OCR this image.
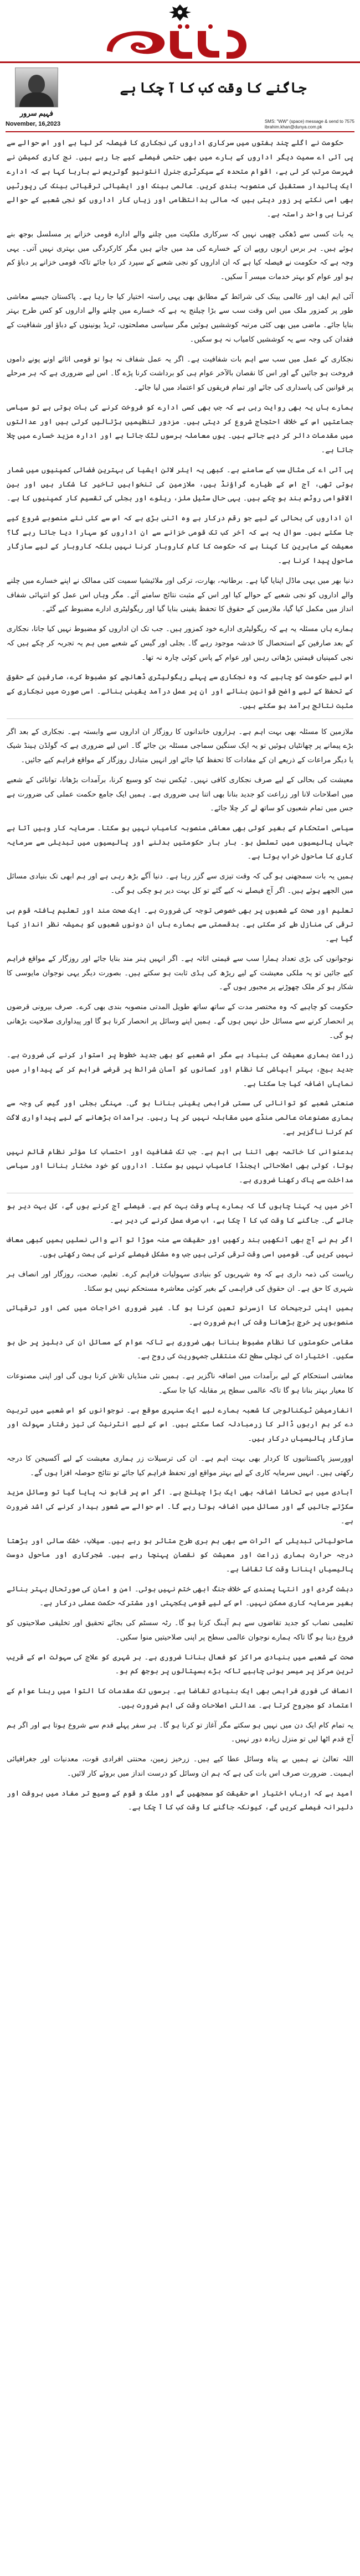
فہیم سرور
جاگنے کا وقت کب کا آ چکا ہے
November, 16,2023	SMS: "WW" (space) message & send to 7575
ibrahim.khan@dunya.com.pk

حکومت نے اگلے چند ہفتوں میں سرکاری اداروں کی نجکاری کا فیصلہ کر لیا ہے اور اس حوالے سے پی آئی اے سمیت دیگر اداروں کے بارے میں بھی حتمی فیصلے کیے جا رہے ہیں۔ نج کاری کمیشن نے فہرست مرتب کر لی ہے، اقوام متحدہ کے سیکرٹری جنرل انتونیو گوتریس نے بارہا کہا ہے کہ ادارے ایک پائیدار مستقبل کی منصوبہ بندی کریں۔ عالمی بینک اور ایشیائی ترقیاتی بینک کی رپورٹیں بھی اسی نکتے پر زور دیتی ہیں کہ مالی بدانتظامی اور زیاں کار اداروں کو نجی شعبے کے حوالے کرنا ہی واحد راستہ ہے۔

یہ بات کسی سے ڈھکی چھپی نہیں کہ سرکاری ملکیت میں چلنے والے ادارے قومی خزانے پر مسلسل بوجھ بنے ہوئے ہیں۔ ہر برس اربوں روپے ان کے خسارے کی مد میں جاتے ہیں مگر کارکردگی میں بہتری نہیں آتی۔ یہی وجہ ہے کہ حکومت نے فیصلہ کیا ہے کہ ان اداروں کو نجی شعبے کے سپرد کر دیا جائے تاکہ قومی خزانے پر دباؤ کم ہو اور عوام کو بہتر خدمات میسر آ سکیں۔

آئی ایم ایف اور عالمی بینک کی شرائط کے مطابق بھی یہی راستہ اختیار کیا جا رہا ہے۔ پاکستان جیسے معاشی طور پر کمزور ملک میں اس وقت سب سے بڑا چیلنج یہ ہے کہ خسارے میں چلنے والے اداروں کو کس طرح بہتر بنایا جائے۔ ماضی میں بھی کئی مرتبہ کوششیں ہوئیں مگر سیاسی مصلحتوں، ٹریڈ یونینوں کے دباؤ اور شفافیت کے فقدان کی وجہ سے یہ کوششیں کامیاب نہ ہو سکیں۔

نجکاری کے عمل میں سب سے اہم بات شفافیت ہے۔ اگر یہ عمل شفاف نہ ہوا تو قومی اثاثے اونے پونے داموں فروخت ہو جائیں گے اور اس کا نقصان بالآخر عوام ہی کو برداشت کرنا پڑے گا۔ اس لیے ضروری ہے کہ ہر مرحلے پر قوانین کی پاسداری کی جائے اور تمام فریقوں کو اعتماد میں لیا جائے۔

ہمارے ہاں یہ بھی روایت رہی ہے کہ جب بھی کسی ادارے کو فروخت کرنے کی بات ہوتی ہے تو سیاسی جماعتیں اس کے خلاف احتجاج شروع کر دیتی ہیں۔ مزدور تنظیمیں ہڑتالیں کرتی ہیں اور عدالتوں میں مقدمات دائر کر دیے جاتے ہیں۔ یوں معاملہ برسوں لٹک جاتا ہے اور ادارہ مزید خسارے میں چلا جاتا ہے۔

پی آئی اے کی مثال سب کے سامنے ہے۔ کبھی یہ ایئر لائن ایشیا کی بہترین فضائی کمپنیوں میں شمار ہوتی تھی، آج اس کے طیارے گراؤنڈ ہیں، ملازمین کی تنخواہیں تاخیر کا شکار ہیں اور بین الاقوامی روٹس بند ہو چکے ہیں۔ یہی حال سٹیل ملز، ریلوے اور بجلی کی تقسیم کار کمپنیوں کا ہے۔

ان اداروں کی بحالی کے لیے جو رقم درکار ہے وہ اتنی بڑی ہے کہ اس سے کئی نئے منصوبے شروع کیے جا سکتے ہیں۔ سوال یہ ہے کہ آخر کب تک قومی خزانے سے ان اداروں کو سہارا دیا جاتا رہے گا؟ معیشت کے ماہرین کا کہنا ہے کہ حکومت کا کام کاروبار کرنا نہیں بلکہ کاروبار کے لیے سازگار ماحول پیدا کرنا ہے۔

دنیا بھر میں یہی ماڈل اپنایا گیا ہے۔ برطانیہ، بھارت، ترکی اور ملائیشیا سمیت کئی ممالک نے اپنے خسارے میں چلنے والے اداروں کو نجی شعبے کے حوالے کیا اور اس کے مثبت نتائج سامنے آئے۔ مگر وہاں اس عمل کو انتہائی شفاف انداز میں مکمل کیا گیا، ملازمین کے حقوق کا تحفظ یقینی بنایا گیا اور ریگولیٹری ادارے مضبوط کیے گئے۔

ہمارے ہاں مسئلہ یہ ہے کہ ریگولیٹری ادارے خود کمزور ہیں۔ جب تک ان اداروں کو مضبوط نہیں کیا جاتا، نجکاری کے بعد صارفین کے استحصال کا خدشہ موجود رہے گا۔ بجلی اور گیس کے شعبے میں ہم یہ تجربہ کر چکے ہیں کہ نجی کمپنیاں قیمتیں بڑھاتی رہیں اور عوام کے پاس کوئی چارہ نہ تھا۔

اس لیے حکومت کو چاہیے کہ وہ نجکاری سے پہلے ریگولیٹری ڈھانچے کو مضبوط کرے، صارفین کے حقوق کے تحفظ کے لیے واضح قوانین بنائے اور ان پر عمل درآمد یقینی بنائے۔ اسی صورت میں نجکاری کے مثبت نتائج برآمد ہو سکتے ہیں۔

ملازمین کا مسئلہ بھی بہت اہم ہے۔ ہزاروں خاندانوں کا روزگار ان اداروں سے وابستہ ہے۔ نجکاری کے بعد اگر بڑے پیمانے پر چھانٹیاں ہوئیں تو یہ ایک سنگین سماجی مسئلہ بن جائے گا۔ اس لیے ضروری ہے کہ گولڈن ہینڈ شیک یا دیگر مراعات کے ذریعے ان کے مفادات کا تحفظ کیا جائے اور انہیں متبادل روزگار کے مواقع فراہم کیے جائیں۔

معیشت کی بحالی کے لیے صرف نجکاری کافی نہیں۔ ٹیکس نیٹ کو وسیع کرنا، برآمدات بڑھانا، توانائی کے شعبے میں اصلاحات لانا اور زراعت کو جدید بنانا بھی اتنا ہی ضروری ہے۔ ہمیں ایک جامع حکمت عملی کی ضرورت ہے جس میں تمام شعبوں کو ساتھ لے کر چلا جائے۔

سیاسی استحکام کے بغیر کوئی بھی معاشی منصوبہ کامیاب نہیں ہو سکتا۔ سرمایہ کار وہیں آتا ہے جہاں پالیسیوں میں تسلسل ہو۔ بار بار حکومتیں بدلنے اور پالیسیوں میں تبدیلی سے سرمایہ کاری کا ماحول خراب ہوتا ہے۔

ہمیں یہ بات سمجھنی ہو گی کہ وقت تیزی سے گزر رہا ہے۔ دنیا آگے بڑھ رہی ہے اور ہم ابھی تک بنیادی مسائل میں الجھے ہوئے ہیں۔ اگر آج فیصلے نہ کیے گئے تو کل بہت دیر ہو چکی ہو گی۔

تعلیم اور صحت کے شعبوں پر بھی خصوصی توجہ کی ضرورت ہے۔ ایک صحت مند اور تعلیم یافتہ قوم ہی ترقی کی منازل طے کر سکتی ہے۔ بدقسمتی سے ہمارے ہاں ان دونوں شعبوں کو ہمیشہ نظر انداز کیا گیا ہے۔

نوجوانوں کی بڑی تعداد ہمارا سب سے قیمتی اثاثہ ہے۔ اگر انہیں ہنر مند بنایا جائے اور روزگار کے مواقع فراہم کیے جائیں تو یہ ملکی معیشت کے لیے ریڑھ کی ہڈی ثابت ہو سکتے ہیں۔ بصورت دیگر یہی نوجوان مایوسی کا شکار ہو کر ملک چھوڑنے پر مجبور ہوں گے۔

حکومت کو چاہیے کہ وہ مختصر مدت کے ساتھ ساتھ طویل المدتی منصوبہ بندی بھی کرے۔ صرف بیرونی قرضوں پر انحصار کرنے سے مسائل حل نہیں ہوں گے۔ ہمیں اپنے وسائل پر انحصار کرنا ہو گا اور پیداواری صلاحیت بڑھانی ہو گی۔

زراعت ہماری معیشت کی بنیاد ہے مگر اس شعبے کو بھی جدید خطوط پر استوار کرنے کی ضرورت ہے۔ جدید بیج، بہتر آبپاشی کا نظام اور کسانوں کو آسان شرائط پر قرضے فراہم کر کے پیداوار میں نمایاں اضافہ کیا جا سکتا ہے۔

صنعتی شعبے کو توانائی کی سستی فراہمی یقینی بنانا ہو گی۔ مہنگی بجلی اور گیس کی وجہ سے ہماری مصنوعات عالمی منڈی میں مقابلہ نہیں کر پا رہیں۔ برآمدات بڑھانے کے لیے پیداواری لاگت کم کرنا ناگزیر ہے۔

بدعنوانی کا خاتمہ بھی اتنا ہی اہم ہے۔ جب تک شفافیت اور احتساب کا مؤثر نظام قائم نہیں ہوتا، کوئی بھی اصلاحاتی ایجنڈا کامیاب نہیں ہو سکتا۔ اداروں کو خود مختار بنانا اور سیاسی مداخلت سے پاک رکھنا ضروری ہے۔

آخر میں یہ کہنا چاہوں گا کہ ہمارے پاس وقت بہت کم ہے۔ فیصلے آج کرنے ہوں گے، کل بہت دیر ہو جائے گی۔ جاگنے کا وقت کب کا آ چکا ہے، اب صرف عمل کرنے کی دیر ہے۔

اگر ہم نے آج بھی آنکھیں بند رکھیں اور حقیقت سے منہ موڑا تو آنے والی نسلیں ہمیں کبھی معاف نہیں کریں گی۔ قومیں اسی وقت ترقی کرتی ہیں جب وہ مشکل فیصلے کرنے کی ہمت رکھتی ہوں۔

ریاست کی ذمہ داری ہے کہ وہ شہریوں کو بنیادی سہولیات فراہم کرے۔ تعلیم، صحت، روزگار اور انصاف ہر شہری کا حق ہے۔ ان حقوق کی فراہمی کے بغیر کوئی معاشرہ مستحکم نہیں ہو سکتا۔

ہمیں اپنی ترجیحات کا ازسرنو تعین کرنا ہو گا۔ غیر ضروری اخراجات میں کمی اور ترقیاتی منصوبوں پر خرچ بڑھانا وقت کی اہم ضرورت ہے۔

مقامی حکومتوں کا نظام مضبوط بنانا بھی ضروری ہے تاکہ عوام کے مسائل ان کی دہلیز پر حل ہو سکیں۔ اختیارات کی نچلی سطح تک منتقلی جمہوریت کی روح ہے۔

معاشی استحکام کے لیے برآمدات میں اضافہ ناگزیر ہے۔ ہمیں نئی منڈیاں تلاش کرنا ہوں گی اور اپنی مصنوعات کا معیار بہتر بنانا ہو گا تاکہ عالمی سطح پر مقابلہ کیا جا سکے۔

انفارمیشن ٹیکنالوجی کا شعبہ ہمارے لیے ایک سنہری موقع ہے۔ نوجوانوں کو اس شعبے میں تربیت دے کر ہم اربوں ڈالر کا زرمبادلہ کما سکتے ہیں۔ اس کے لیے انٹرنیٹ کی تیز رفتار سہولت اور سازگار پالیسیاں درکار ہیں۔

اوورسیز پاکستانیوں کا کردار بھی بہت اہم ہے۔ ان کی ترسیلات زر ہماری معیشت کے لیے آکسیجن کا درجہ رکھتی ہیں۔ انہیں سرمایہ کاری کے لیے بہتر مواقع اور تحفظ فراہم کیا جائے تو نتائج حوصلہ افزا ہوں گے۔

آبادی میں بے تحاشا اضافہ بھی ایک بڑا چیلنج ہے۔ اگر اس پر قابو نہ پایا گیا تو وسائل مزید سکڑتے جائیں گے اور مسائل میں اضافہ ہوتا رہے گا۔ اس حوالے سے شعور بیدار کرنے کی اشد ضرورت ہے۔

ماحولیاتی تبدیلی کے اثرات سے بھی ہم بری طرح متاثر ہو رہے ہیں۔ سیلاب، خشک سالی اور بڑھتا درجہ حرارت ہماری زراعت اور معیشت کو نقصان پہنچا رہے ہیں۔ شجرکاری اور ماحول دوست پالیسیاں اپنانا وقت کا تقاضا ہے۔

دہشت گردی اور انتہا پسندی کے خلاف جنگ ابھی ختم نہیں ہوئی۔ امن و امان کی صورتحال بہتر بنائے بغیر سرمایہ کاری ممکن نہیں۔ اس کے لیے قومی یکجہتی اور مشترکہ حکمت عملی درکار ہے۔

تعلیمی نصاب کو جدید تقاضوں سے ہم آہنگ کرنا ہو گا۔ رٹہ سسٹم کی بجائے تحقیق اور تخلیقی صلاحیتوں کو فروغ دینا ہو گا تاکہ ہمارے نوجوان عالمی سطح پر اپنی صلاحیتیں منوا سکیں۔

صحت کے شعبے میں بنیادی مراکز کو فعال بنانا ضروری ہے۔ ہر شہری کو علاج کی سہولت اس کے قریب ترین مرکز پر میسر ہونی چاہیے تاکہ بڑے ہسپتالوں پر بوجھ کم ہو۔

انصاف کی فوری فراہمی بھی ایک بنیادی تقاضا ہے۔ برسوں تک مقدمات کا التوا میں رہنا عوام کے اعتماد کو مجروح کرتا ہے۔ عدالتی اصلاحات وقت کی اہم ضرورت ہیں۔

یہ تمام کام ایک دن میں نہیں ہو سکتے مگر آغاز تو کرنا ہو گا۔ ہر سفر پہلے قدم سے شروع ہوتا ہے اور اگر ہم آج قدم اٹھا لیں تو منزل زیادہ دور نہیں۔

اللہ تعالیٰ نے ہمیں بے پناہ وسائل عطا کیے ہیں۔ زرخیز زمین، محنتی افرادی قوت، معدنیات اور جغرافیائی اہمیت۔ ضرورت صرف اس بات کی ہے کہ ہم ان وسائل کو درست انداز میں بروئے کار لائیں۔

امید ہے کہ ارباب اختیار اس حقیقت کو سمجھیں گے اور ملک و قوم کے وسیع تر مفاد میں بروقت اور دلیرانہ فیصلے کریں گے، کیونکہ جاگنے کا وقت کب کا آ چکا ہے۔
